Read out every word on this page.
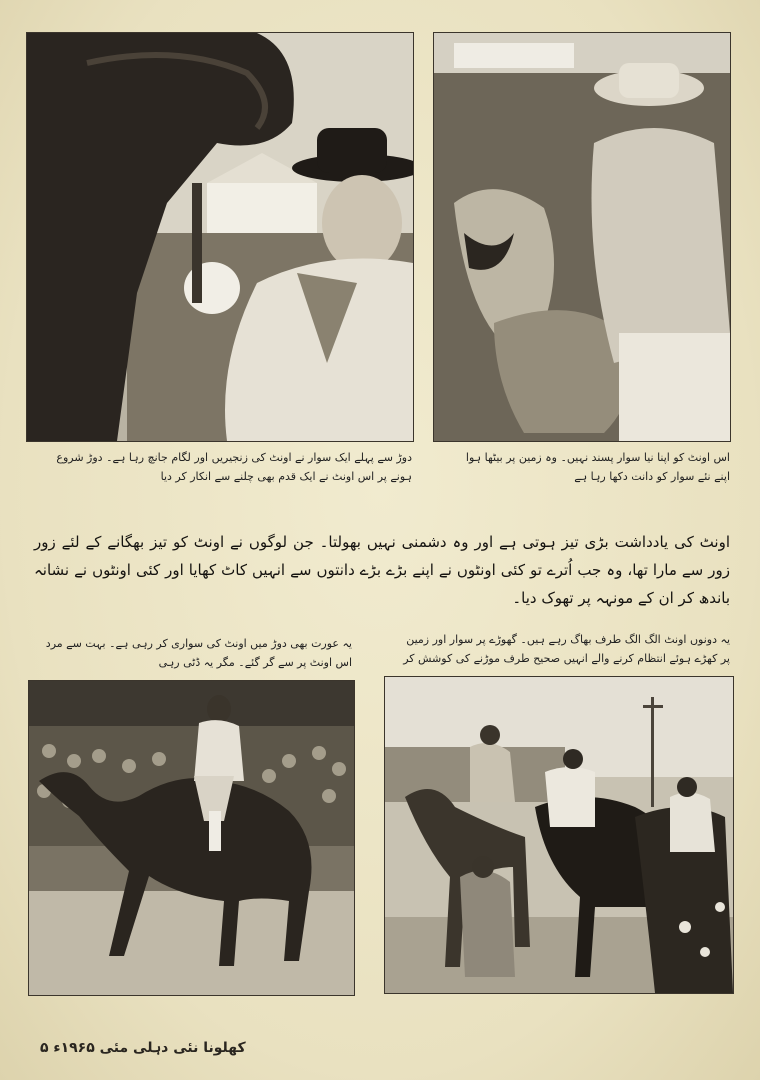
دوڑ سے پہلے ایک سوار نے اونٹ کی زنجیریں اور لگام جانچ رہا ہے۔ دوڑ شروع ہونے پر اس اونٹ نے ایک قدم بھی چلنے سے انکار کر دیا
اس اونٹ کو اپنا نیا سوار پسند نہیں۔ وہ زمین پر بیٹھا ہوا اپنے نئے سوار کو دانت دکھا رہا ہے
اونٹ کی یادداشت بڑی تیز ہوتی ہے اور وہ دشمنی نہیں بھولتا۔ جن لوگوں نے اونٹ کو تیز بھگانے کے لئے زور زور سے مارا تھا، وہ جب اُترے تو کئی اونٹوں نے اپنے بڑے بڑے دانتوں سے انہیں کاٹ کھایا اور کئی اونٹوں نے نشانہ باندھ کر ان کے مونہہ پر تھوک دیا۔
یہ عورت بھی دوڑ میں اونٹ کی سواری کر رہی ہے۔ بہت سے مرد اس اونٹ پر سے گر گئے۔ مگر یہ ڈٹی رہی
یہ دونوں اونٹ الگ الگ طرف بھاگ رہے ہیں۔ گھوڑے پر سوار اور زمین پر کھڑے ہوئے انتظام کرنے والے انہیں صحیح طرف موڑنے کی کوشش کر
کھلونا نئی دہلی مئی ۱۹۶۵ء ۵
